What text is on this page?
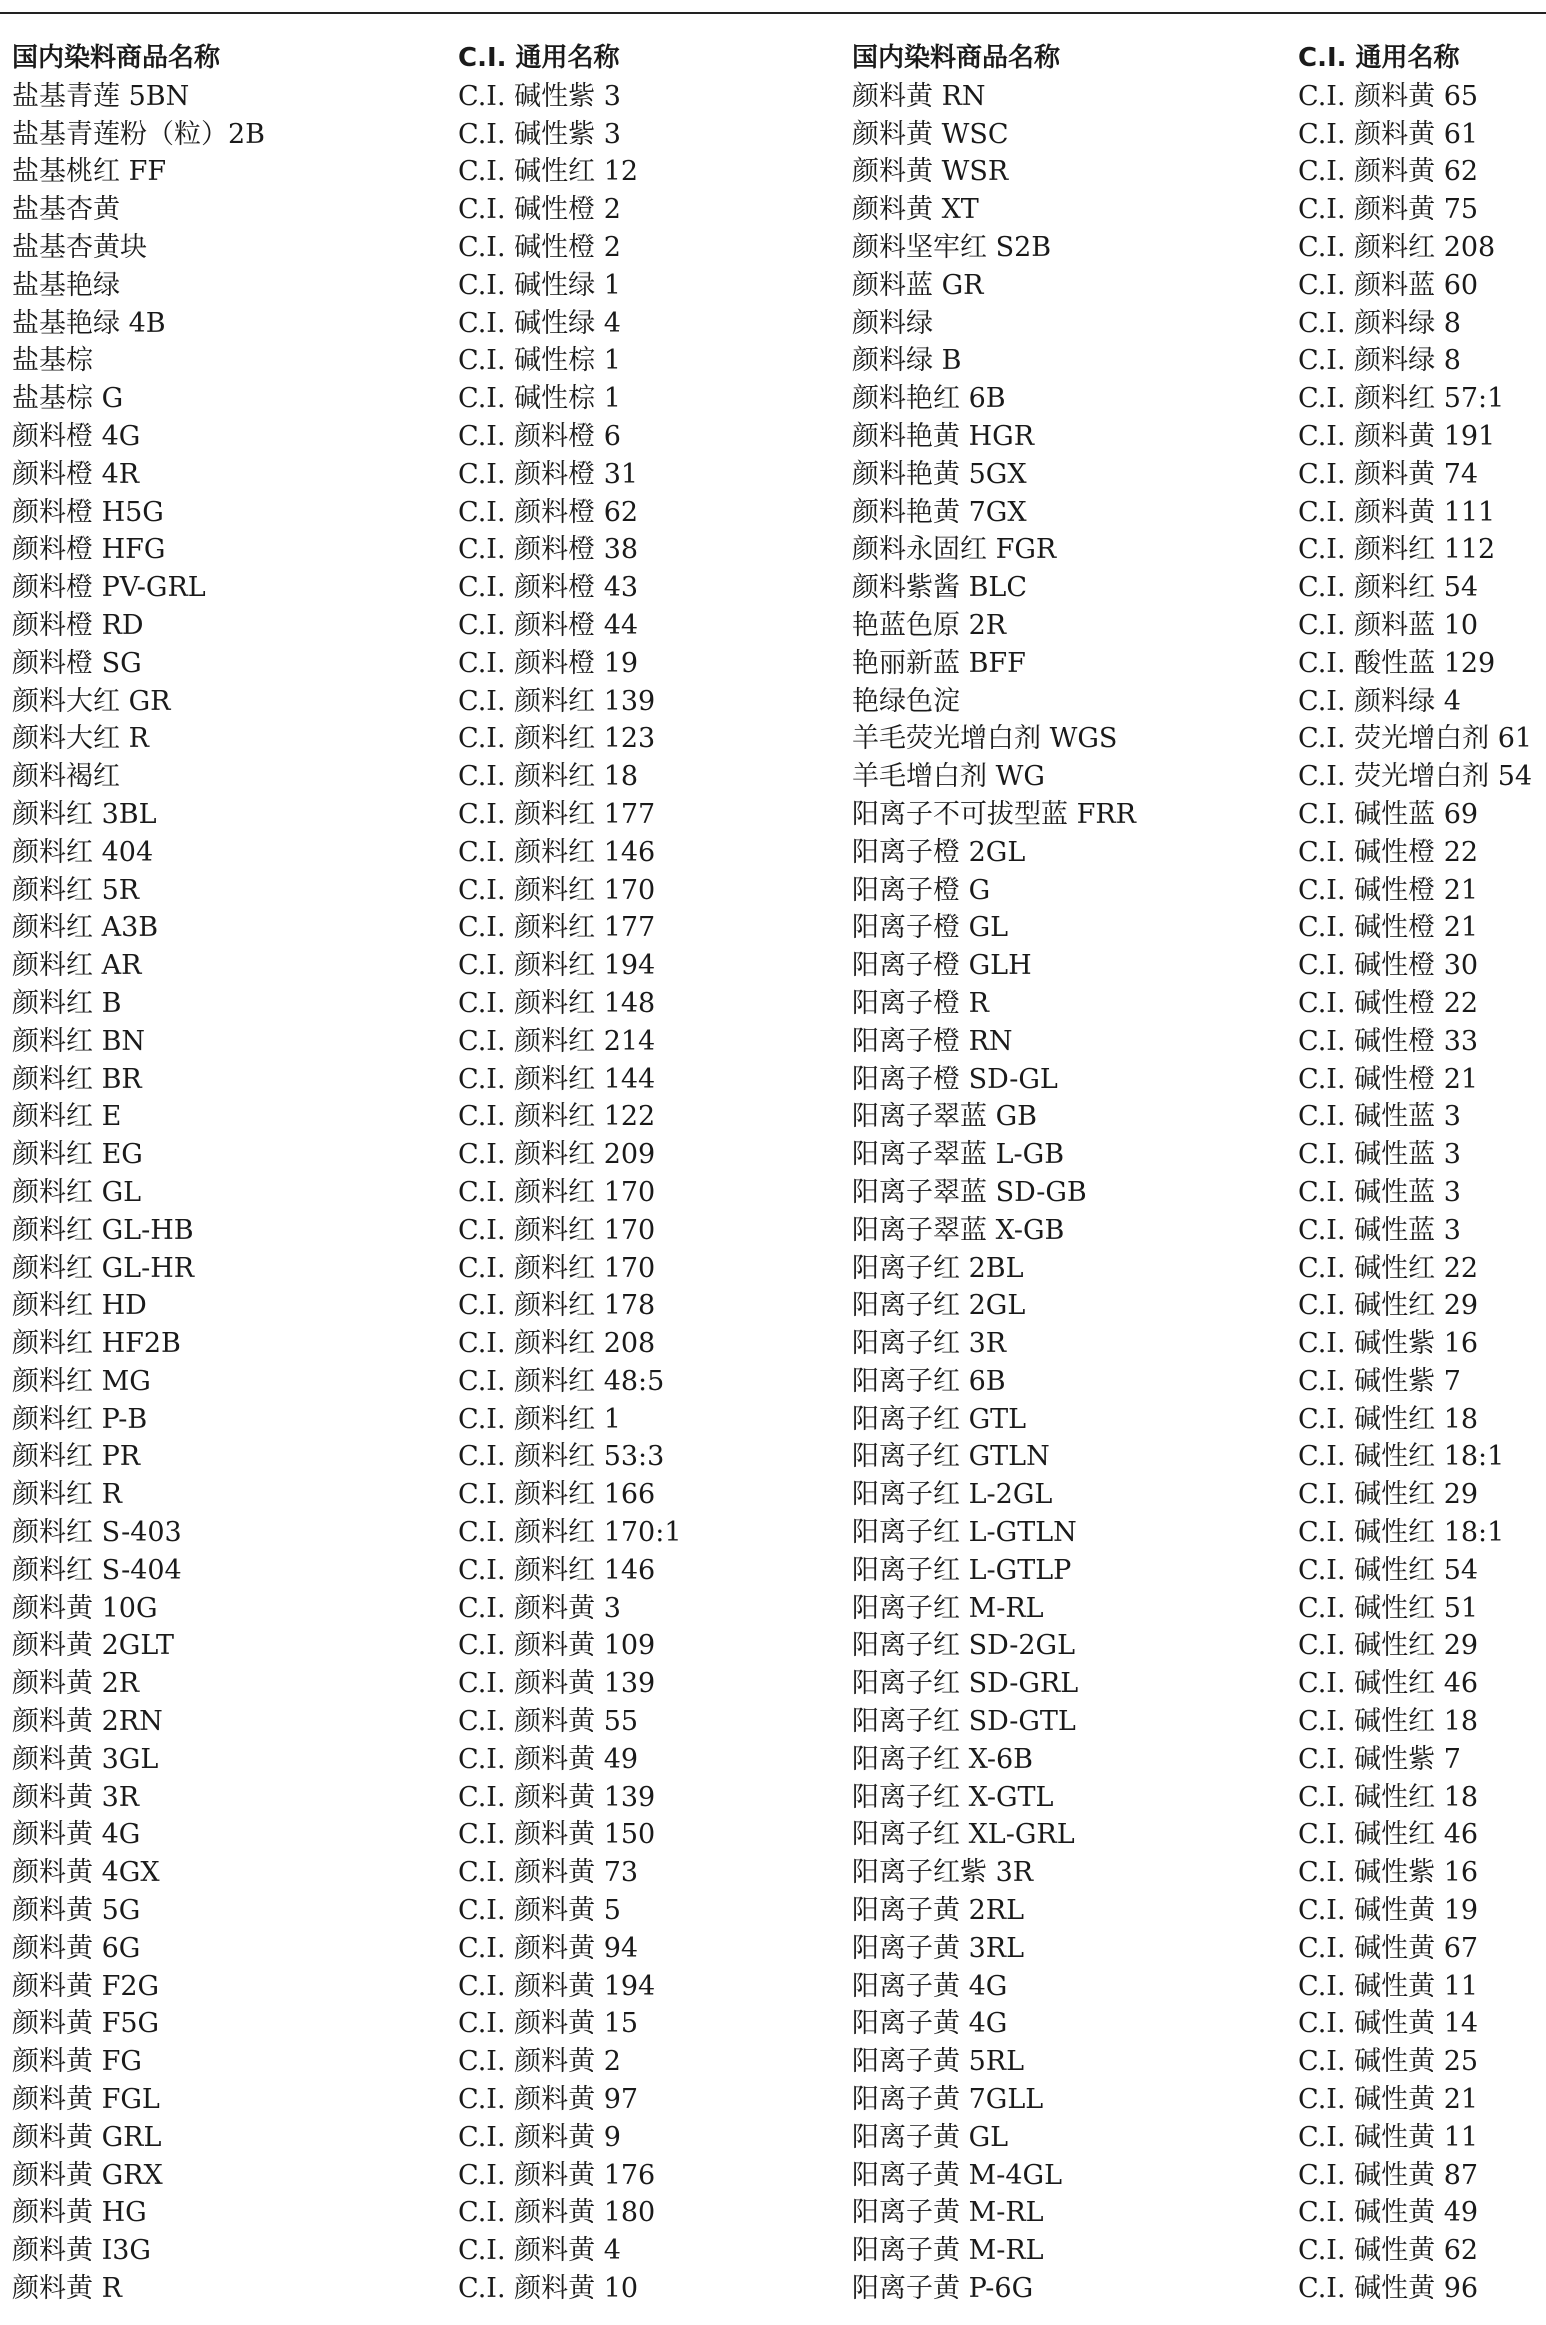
国内染料商品名称
盐基青莲 5BN
盐基青莲粉（粒）2B
盐基桃红 FF
盐基杏黄
盐基杏黄块
盐基艳绿
盐基艳绿 4B
盐基棕
盐基棕 G
颜料橙 4G
颜料橙 4R
颜料橙 H5G
颜料橙 HFG
颜料橙 PV-GRL
颜料橙 RD
颜料橙 SG
颜料大红 GR
颜料大红 R
颜料褐红
颜料红 3BL
颜料红 404
颜料红 5R
颜料红 A3B
颜料红 AR
颜料红 B
颜料红 BN
颜料红 BR
颜料红 E
颜料红 EG
颜料红 GL
颜料红 GL-HB
颜料红 GL-HR
颜料红 HD
颜料红 HF2B
颜料红 MG
颜料红 P-B
颜料红 PR
颜料红 R
颜料红 S-403
颜料红 S-404
颜料黄 10G
颜料黄 2GLT
颜料黄 2R
颜料黄 2RN
颜料黄 3GL
颜料黄 3R
颜料黄 4G
颜料黄 4GX
颜料黄 5G
颜料黄 6G
颜料黄 F2G
颜料黄 F5G
颜料黄 FG
颜料黄 FGL
颜料黄 GRL
颜料黄 GRX
颜料黄 HG
颜料黄 I3G
颜料黄 R
C.I. 通用名称
C.I. 碱性紫 3
C.I. 碱性紫 3
C.I. 碱性红 12
C.I. 碱性橙 2
C.I. 碱性橙 2
C.I. 碱性绿 1
C.I. 碱性绿 4
C.I. 碱性棕 1
C.I. 碱性棕 1
C.I. 颜料橙 6
C.I. 颜料橙 31
C.I. 颜料橙 62
C.I. 颜料橙 38
C.I. 颜料橙 43
C.I. 颜料橙 44
C.I. 颜料橙 19
C.I. 颜料红 139
C.I. 颜料红 123
C.I. 颜料红 18
C.I. 颜料红 177
C.I. 颜料红 146
C.I. 颜料红 170
C.I. 颜料红 177
C.I. 颜料红 194
C.I. 颜料红 148
C.I. 颜料红 214
C.I. 颜料红 144
C.I. 颜料红 122
C.I. 颜料红 209
C.I. 颜料红 170
C.I. 颜料红 170
C.I. 颜料红 170
C.I. 颜料红 178
C.I. 颜料红 208
C.I. 颜料红 48:5
C.I. 颜料红 1
C.I. 颜料红 53:3
C.I. 颜料红 166
C.I. 颜料红 170:1
C.I. 颜料红 146
C.I. 颜料黄 3
C.I. 颜料黄 109
C.I. 颜料黄 139
C.I. 颜料黄 55
C.I. 颜料黄 49
C.I. 颜料黄 139
C.I. 颜料黄 150
C.I. 颜料黄 73
C.I. 颜料黄 5
C.I. 颜料黄 94
C.I. 颜料黄 194
C.I. 颜料黄 15
C.I. 颜料黄 2
C.I. 颜料黄 97
C.I. 颜料黄 9
C.I. 颜料黄 176
C.I. 颜料黄 180
C.I. 颜料黄 4
C.I. 颜料黄 10
国内染料商品名称
颜料黄 RN
颜料黄 WSC
颜料黄 WSR
颜料黄 XT
颜料坚牢红 S2B
颜料蓝 GR
颜料绿
颜料绿 B
颜料艳红 6B
颜料艳黄 HGR
颜料艳黄 5GX
颜料艳黄 7GX
颜料永固红 FGR
颜料紫酱 BLC
艳蓝色原 2R
艳丽新蓝 BFF
艳绿色淀
羊毛荧光增白剂 WGS
羊毛增白剂 WG
阳离子不可拔型蓝 FRR
阳离子橙 2GL
阳离子橙 G
阳离子橙 GL
阳离子橙 GLH
阳离子橙 R
阳离子橙 RN
阳离子橙 SD-GL
阳离子翠蓝 GB
阳离子翠蓝 L-GB
阳离子翠蓝 SD-GB
阳离子翠蓝 X-GB
阳离子红 2BL
阳离子红 2GL
阳离子红 3R
阳离子红 6B
阳离子红 GTL
阳离子红 GTLN
阳离子红 L-2GL
阳离子红 L-GTLN
阳离子红 L-GTLP
阳离子红 M-RL
阳离子红 SD-2GL
阳离子红 SD-GRL
阳离子红 SD-GTL
阳离子红 X-6B
阳离子红 X-GTL
阳离子红 XL-GRL
阳离子红紫 3R
阳离子黄 2RL
阳离子黄 3RL
阳离子黄 4G
阳离子黄 4G
阳离子黄 5RL
阳离子黄 7GLL
阳离子黄 GL
阳离子黄 M-4GL
阳离子黄 M-RL
阳离子黄 M-RL
阳离子黄 P-6G
C.I. 通用名称
C.I. 颜料黄 65
C.I. 颜料黄 61
C.I. 颜料黄 62
C.I. 颜料黄 75
C.I. 颜料红 208
C.I. 颜料蓝 60
C.I. 颜料绿 8
C.I. 颜料绿 8
C.I. 颜料红 57:1
C.I. 颜料黄 191
C.I. 颜料黄 74
C.I. 颜料黄 111
C.I. 颜料红 112
C.I. 颜料红 54
C.I. 颜料蓝 10
C.I. 酸性蓝 129
C.I. 颜料绿 4
C.I. 荧光增白剂 61
C.I. 荧光增白剂 54
C.I. 碱性蓝 69
C.I. 碱性橙 22
C.I. 碱性橙 21
C.I. 碱性橙 21
C.I. 碱性橙 30
C.I. 碱性橙 22
C.I. 碱性橙 33
C.I. 碱性橙 21
C.I. 碱性蓝 3
C.I. 碱性蓝 3
C.I. 碱性蓝 3
C.I. 碱性蓝 3
C.I. 碱性红 22
C.I. 碱性红 29
C.I. 碱性紫 16
C.I. 碱性紫 7
C.I. 碱性红 18
C.I. 碱性红 18:1
C.I. 碱性红 29
C.I. 碱性红 18:1
C.I. 碱性红 54
C.I. 碱性红 51
C.I. 碱性红 29
C.I. 碱性红 46
C.I. 碱性红 18
C.I. 碱性紫 7
C.I. 碱性红 18
C.I. 碱性红 46
C.I. 碱性紫 16
C.I. 碱性黄 19
C.I. 碱性黄 67
C.I. 碱性黄 11
C.I. 碱性黄 14
C.I. 碱性黄 25
C.I. 碱性黄 21
C.I. 碱性黄 11
C.I. 碱性黄 87
C.I. 碱性黄 49
C.I. 碱性黄 62
C.I. 碱性黄 96
